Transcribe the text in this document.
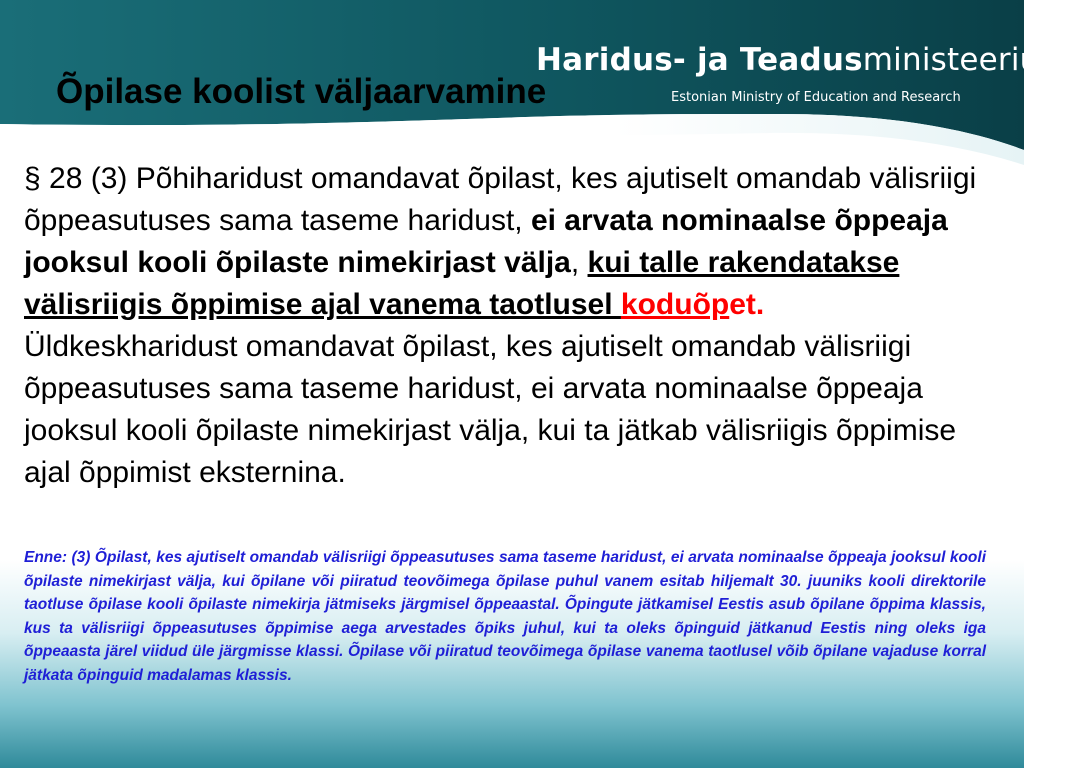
Haridus- ja Teadusministeerium
Estonian Ministry of Education and Research
Õpilase koolist väljaarvamine

§ 28 (3) Põhiharidust omandavat õpilast, kes ajutiselt omandab välisriigi õppeasutuses sama taseme haridust, ei arvata nominaalse õppeaja jooksul kooli õpilaste nimekirjast välja, kui talle rakendatakse välisriigis õppimise ajal vanema taotlusel koduõpet.

Üldkeskharidust omandavat õpilast, kes ajutiselt omandab välisriigi õppeasutuses sama taseme haridust, ei arvata nominaalse õppeaja jooksul kooli õpilaste nimekirjast välja, kui ta jätkab välisriigis õppimise ajal õppimist eksternina.

Enne: (3) Õpilast, kes ajutiselt omandab välisriigi õppeasutuses sama taseme haridust, ei arvata nominaalse õppeaja jooksul kooli õpilaste nimekirjast välja, kui õpilane või piiratud teovõimega õpilase puhul vanem esitab hiljemalt 30. juuniks kooli direktorile taotluse õpilase kooli õpilaste nimekirja jätmiseks järgmisel õppeaastal. Õpingute jätkamisel Eestis asub õpilane õppima klassis, kus ta välisriigi õppeasutuses õppimise aega arvestades õpiks juhul, kui ta oleks õpinguid jätkanud Eestis ning oleks iga õppeaasta järel viidud üle järgmisse klassi. Õpilase või piiratud teovõimega õpilase vanema taotlusel võib õpilane vajaduse korral jätkata õpinguid madalamas klassis.
